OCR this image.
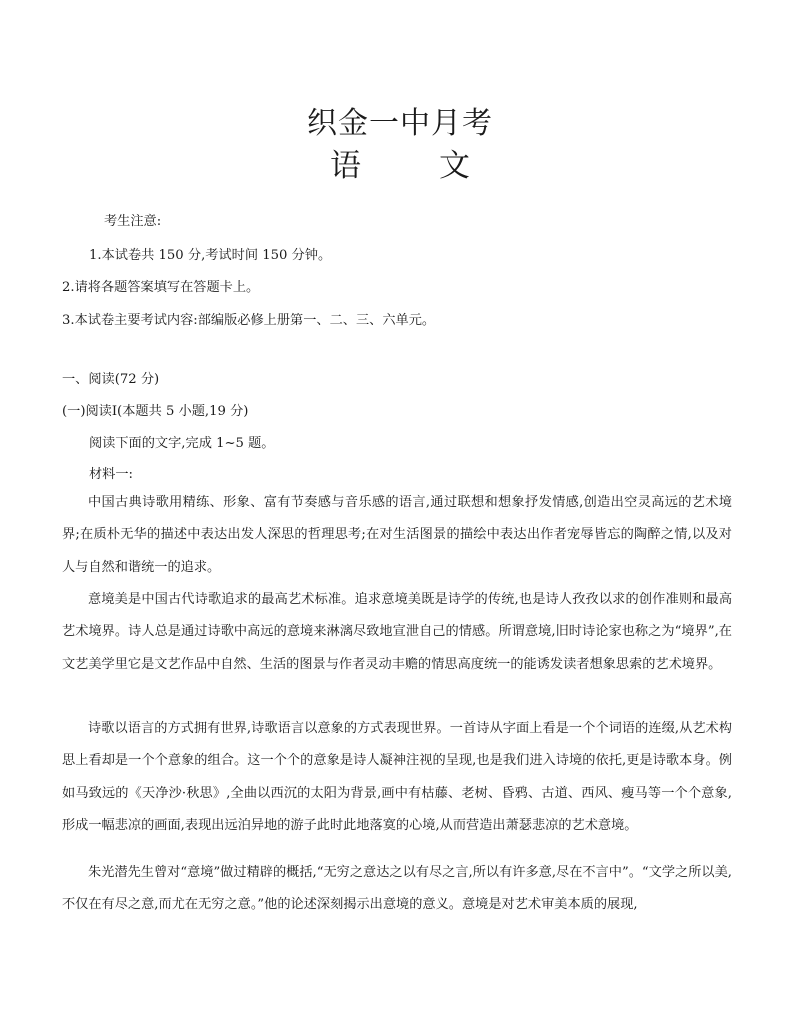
织金一中月考
语	文
考生注意:
1.本试卷共 150 分,考试时间 150 分钟。
2.请将各题答案填写在答题卡上。
3.本试卷主要考试内容:部编版必修上册第一、二、三、六单元。
一、阅读(72 分)
(一)阅读Ⅰ(本题共 5 小题,19 分)
阅读下面的文字,完成 1~5 题。
材料一:
中国古典诗歌用精练、形象、富有节奏感与音乐感的语言,通过联想和想象抒发情感,创造出空灵高远的艺术境界;在质朴无华的描述中表达出发人深思的哲理思考;在对生活图景的描绘中表达出作者宠辱皆忘的陶醉之情,以及对人与自然和谐统一的追求。
意境美是中国古代诗歌追求的最高艺术标准。追求意境美既是诗学的传统,也是诗人孜孜以求的创作准则和最高艺术境界。诗人总是通过诗歌中高远的意境来淋漓尽致地宣泄自己的情感。所谓意境,旧时诗论家也称之为“境界”,在文艺美学里它是文艺作品中自然、生活的图景与作者灵动丰赡的情思高度统一的能诱发读者想象思索的艺术境界。
诗歌以语言的方式拥有世界,诗歌语言以意象的方式表现世界。一首诗从字面上看是一个个词语的连缀,从艺术构思上看却是一个个意象的组合。这一个个的意象是诗人凝神注视的呈现,也是我们进入诗境的依托,更是诗歌本身。例如马致远的《天净沙·秋思》,全曲以西沉的太阳为背景,画中有枯藤、老树、昏鸦、古道、西风、瘦马等一个个意象,形成一幅悲凉的画面,表现出远泊异地的游子此时此地落寞的心境,从而营造出萧瑟悲凉的艺术意境。
朱光潜先生曾对“意境”做过精辟的概括,“无穷之意达之以有尽之言,所以有许多意,尽在不言中”。“文学之所以美,不仅在有尽之意,而尤在无穷之意。”他的论述深刻揭示出意境的意义。意境是对艺术审美本质的展现,
